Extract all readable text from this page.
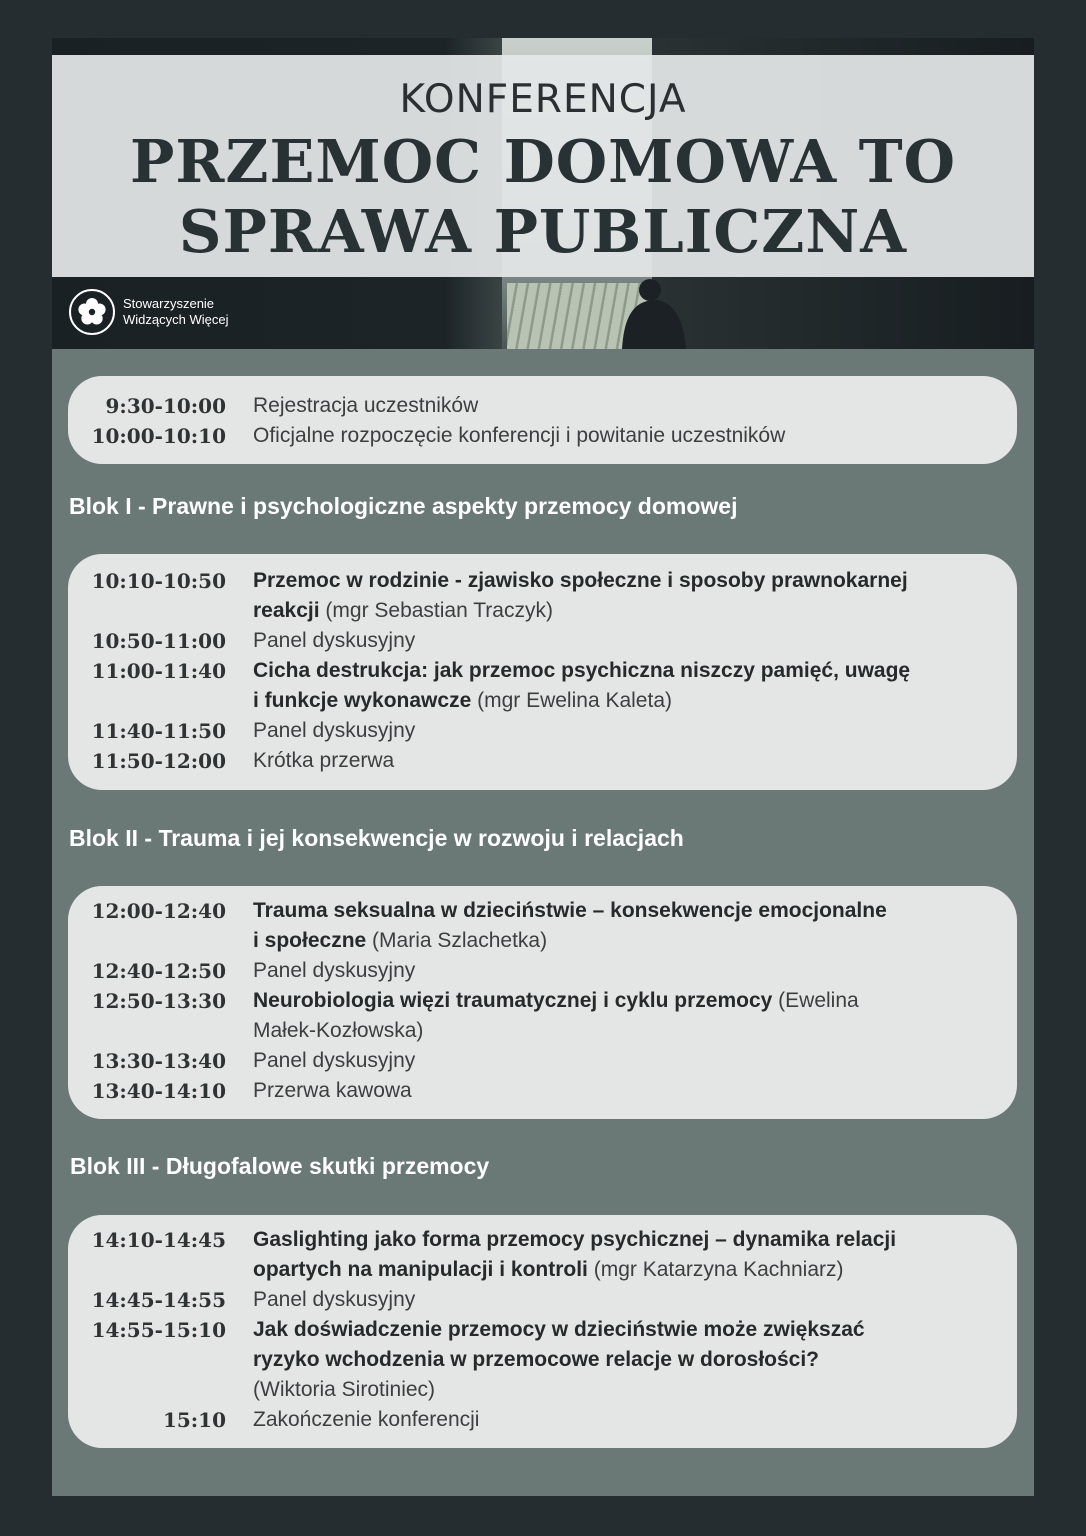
KONFERENCJA
PRZEMOC DOMOWA TO
SPRAWA PUBLICZNA
Stowarzyszenie
Widzących Więcej
9:30-10:00 Rejestracja uczestników
10:00-10:10 Oficjalne rozpoczęcie konferencji i powitanie uczestników
Blok I - Prawne i psychologiczne aspekty przemocy domowej
10:10-10:50 Przemoc w rodzinie - zjawisko społeczne i sposoby prawnokarnej
reakcji (mgr Sebastian Traczyk)
10:50-11:00 Panel dyskusyjny
11:00-11:40 Cicha destrukcja: jak przemoc psychiczna niszczy pamięć, uwagę
i funkcje wykonawcze (mgr Ewelina Kaleta)
11:40-11:50 Panel dyskusyjny
11:50-12:00 Krótka przerwa
Blok II - Trauma i jej konsekwencje w rozwoju i relacjach
12:00-12:40 Trauma seksualna w dzieciństwie – konsekwencje emocjonalne
i społeczne (Maria Szlachetka)
12:40-12:50 Panel dyskusyjny
12:50-13:30 Neurobiologia więzi traumatycznej i cyklu przemocy (Ewelina
Małek-Kozłowska)
13:30-13:40 Panel dyskusyjny
13:40-14:10 Przerwa kawowa
Blok III - Długofalowe skutki przemocy
14:10-14:45 Gaslighting jako forma przemocy psychicznej – dynamika relacji
opartych na manipulacji i kontroli (mgr Katarzyna Kachniarz)
14:45-14:55 Panel dyskusyjny
14:55-15:10 Jak doświadczenie przemocy w dzieciństwie może zwiększać
ryzyko wchodzenia w przemocowe relacje w dorosłości?
(Wiktoria Sirotiniec)
15:10 Zakończenie konferencji
